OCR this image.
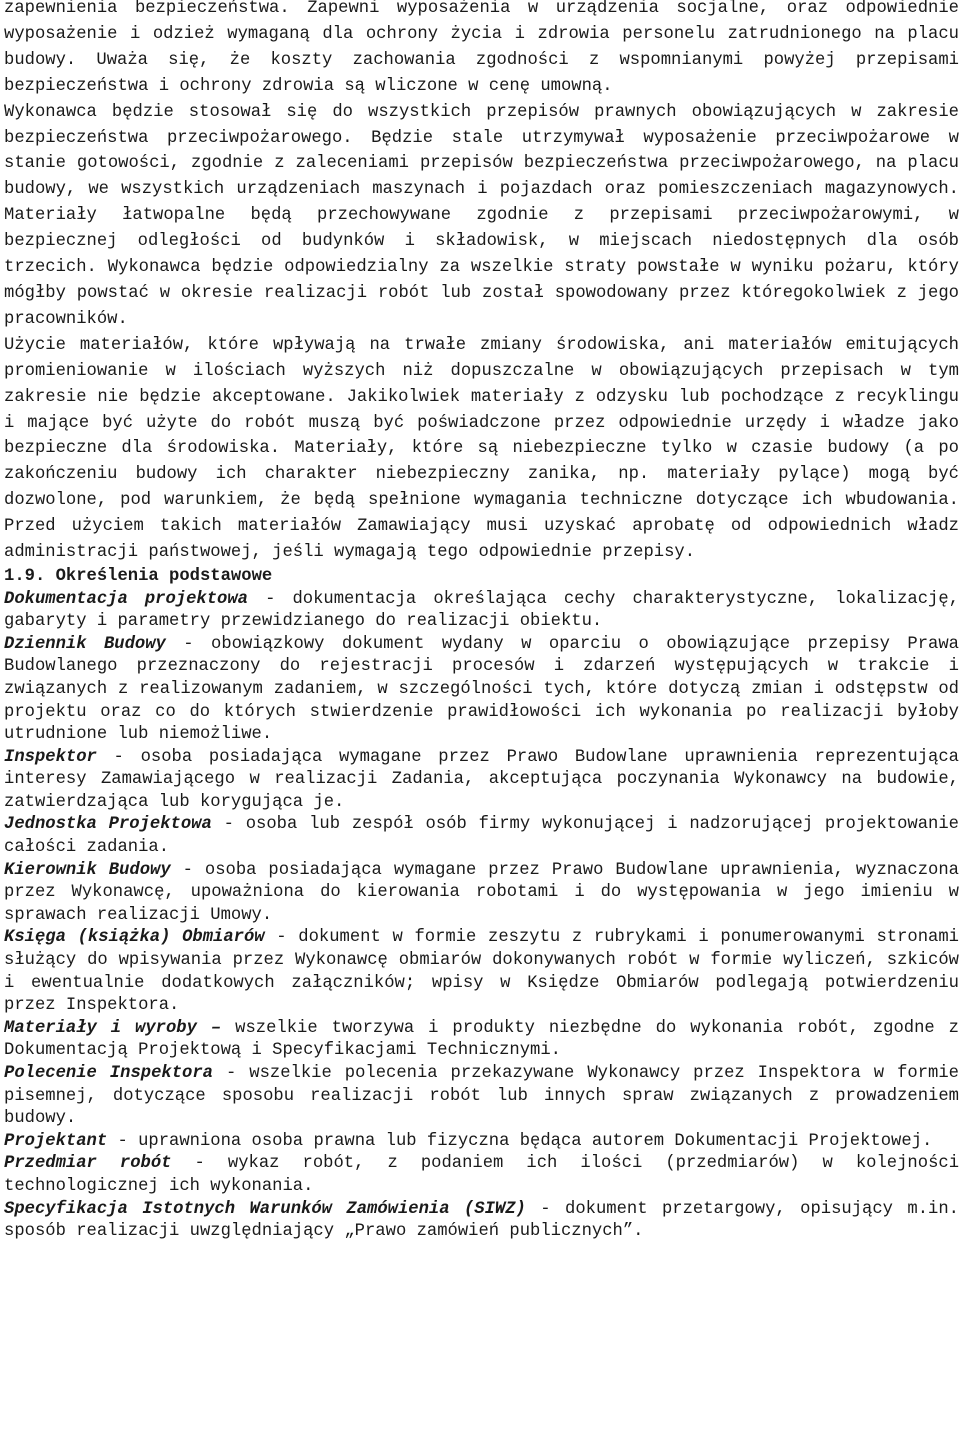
zapewnienia bezpieczeństwa. Zapewni wyposażenia w urządzenia socjalne, oraz odpowiednie wyposażenie i odzież wymaganą dla ochrony życia i zdrowia personelu zatrudnionego na placu budowy. Uważa się, że koszty zachowania zgodności z wspomnianymi powyżej przepisami bezpieczeństwa i ochrony zdrowia są wliczone w cenę umowną.

Wykonawca będzie stosował się do wszystkich przepisów prawnych obowiązujących w zakresie bezpieczeństwa przeciwpożarowego. Będzie stale utrzymywał wyposażenie przeciwpożarowe w stanie gotowości, zgodnie z zaleceniami przepisów bezpieczeństwa przeciwpożarowego, na placu budowy, we wszystkich urządzeniach maszynach i pojazdach oraz pomieszczeniach magazynowych. Materiały łatwopalne będą przechowywane zgodnie z przepisami przeciwpożarowymi, w bezpiecznej odległości od budynków i składowisk, w miejscach niedostępnych dla osób trzecich. Wykonawca będzie odpowiedzialny za wszelkie straty powstałe w wyniku pożaru, który mógłby powstać w okresie realizacji robót lub został spowodowany przez któregokolwiek z jego pracowników.

Użycie materiałów, które wpływają na trwałe zmiany środowiska, ani materiałów emitujących promieniowanie w ilościach wyższych niż dopuszczalne w obowiązujących przepisach w tym zakresie nie będzie akceptowane. Jakikolwiek materiały z odzysku lub pochodzące z recyklingu i mające być użyte do robót muszą być poświadczone przez odpowiednie urzędy i władze jako bezpieczne dla środowiska. Materiały, które są niebezpieczne tylko w czasie budowy (a po zakończeniu budowy ich charakter niebezpieczny zanika, np. materiały pylące) mogą być dozwolone, pod warunkiem, że będą spełnione wymagania techniczne dotyczące ich wbudowania. Przed użyciem takich materiałów Zamawiający musi uzyskać aprobatę od odpowiednich władz administracji państwowej, jeśli wymagają tego odpowiednie przepisy.

1.9. Określenia podstawowe

Dokumentacja projektowa - dokumentacja określająca cechy charakterystyczne, lokalizację, gabaryty i parametry przewidzianego do realizacji obiektu.

Dziennik Budowy - obowiązkowy dokument wydany w oparciu o obowiązujące przepisy Prawa Budowlanego przeznaczony do rejestracji procesów i zdarzeń występujących w trakcie i związanych z realizowanym zadaniem, w szczególności tych, które dotyczą zmian i odstępstw od projektu oraz co do których stwierdzenie prawidłowości ich wykonania po realizacji byłoby utrudnione lub niemożliwe.

Inspektor - osoba posiadająca wymagane przez Prawo Budowlane uprawnienia reprezentująca interesy Zamawiającego w realizacji Zadania, akceptująca poczynania Wykonawcy na budowie, zatwierdzająca lub korygująca je.

Jednostka Projektowa - osoba lub zespół osób firmy wykonującej i nadzorującej projektowanie całości zadania.

Kierownik Budowy - osoba posiadająca wymagane przez Prawo Budowlane uprawnienia, wyznaczona przez Wykonawcę, upoważniona do kierowania robotami i do występowania w jego imieniu w sprawach realizacji Umowy.

Księga (książka) Obmiarów - dokument w formie zeszytu z rubrykami i ponumerowanymi stronami służący do wpisywania przez Wykonawcę obmiarów dokonywanych robót w formie wyliczeń, szkiców i ewentualnie dodatkowych załączników; wpisy w Księdze Obmiarów podlegają potwierdzeniu przez Inspektora.

Materiały i wyroby – wszelkie tworzywa i produkty niezbędne do wykonania robót, zgodne z Dokumentacją Projektową i Specyfikacjami Technicznymi.

Polecenie Inspektora - wszelkie polecenia przekazywane Wykonawcy przez Inspektora w formie pisemnej, dotyczące sposobu realizacji robót lub innych spraw związanych z prowadzeniem budowy.

Projektant - uprawniona osoba prawna lub fizyczna będąca autorem Dokumentacji Projektowej.

Przedmiar robót - wykaz robót, z podaniem ich ilości (przedmiarów) w kolejności technologicznej ich wykonania.

Specyfikacja Istotnych Warunków Zamówienia (SIWZ) - dokument przetargowy, opisujący m.in. sposób realizacji uwzględniający „Prawo zamówień publicznych”.
